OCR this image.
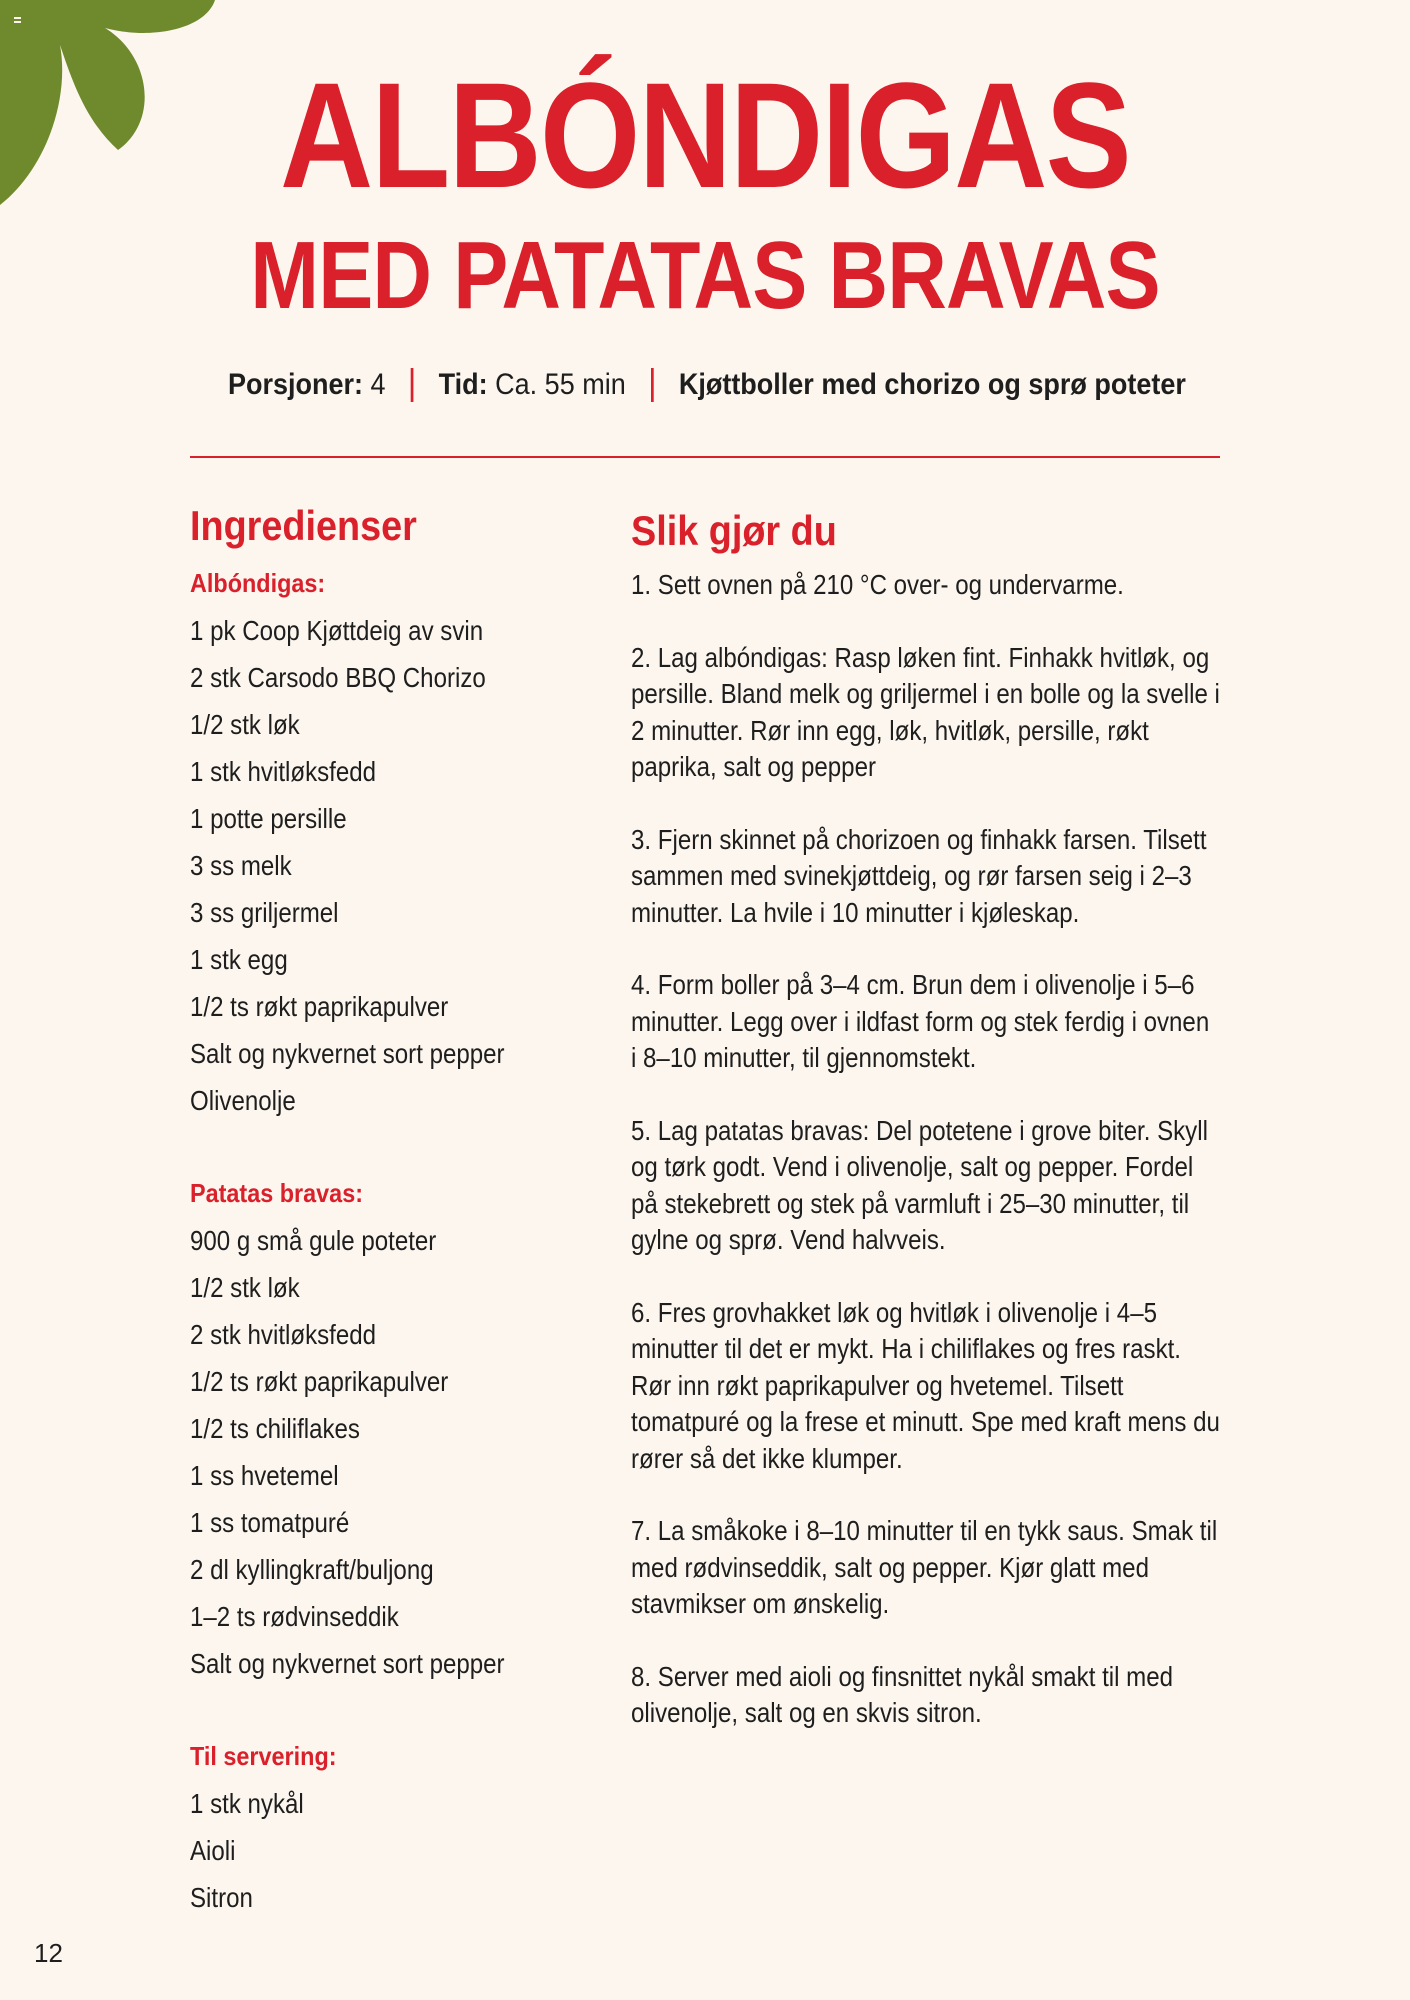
ALBÓNDIGAS
MED PATATAS BRAVAS
Porsjoner: 4 Tid: Ca. 55 min Kjøttboller med chorizo og sprø poteter
Ingredienser
Albóndigas:
1 pk Coop Kjøttdeig av svin
2 stk Carsodo BBQ Chorizo
1/2 stk løk
1 stk hvitløksfedd
1 potte persille
3 ss melk
3 ss griljermel
1 stk egg
1/2 ts røkt paprikapulver
Salt og nykvernet sort pepper
Olivenolje
Patatas bravas:
900 g små gule poteter
1/2 stk løk
2 stk hvitløksfedd
1/2 ts røkt paprikapulver
1/2 ts chiliflakes
1 ss hvetemel
1 ss tomatpuré
2 dl kyllingkraft/buljong
1–2 ts rødvinseddik
Salt og nykvernet sort pepper
Til servering:
1 stk nykål
Aioli
Sitron
Slik gjør du
1. Sett ovnen på 210 °C over- og undervarme.
2. Lag albóndigas: Rasp løken fint. Finhakk hvitløk, og persille. Bland melk og griljermel i en bolle og la svelle i 2 minutter. Rør inn egg, løk, hvitløk, persille, røkt paprika, salt og pepper
3. Fjern skinnet på chorizoen og finhakk farsen. Tilsett sammen med svinekjøttdeig, og rør farsen seig i 2–3 minutter. La hvile i 10 minutter i kjøleskap.
4. Form boller på 3–4 cm. Brun dem i olivenolje i 5–6 minutter. Legg over i ildfast form og stek ferdig i ovnen i 8–10 minutter, til gjennomstekt.
5. Lag patatas bravas: Del potetene i grove biter. Skyll og tørk godt. Vend i olivenolje, salt og pepper. Fordel på stekebrett og stek på varmluft i 25–30 minutter, til gylne og sprø. Vend halvveis.
6. Fres grovhakket løk og hvitløk i olivenolje i 4–5 minutter til det er mykt. Ha i chiliflakes og fres raskt. Rør inn røkt paprikapulver og hvetemel. Tilsett tomatpuré og la frese et minutt. Spe med kraft mens du rører så det ikke klumper.
7. La småkoke i 8–10 minutter til en tykk saus. Smak til med rødvinseddik, salt og pepper. Kjør glatt med stavmikser om ønskelig.
8. Server med aioli og finsnittet nykål smakt til med olivenolje, salt og en skvis sitron.
12
